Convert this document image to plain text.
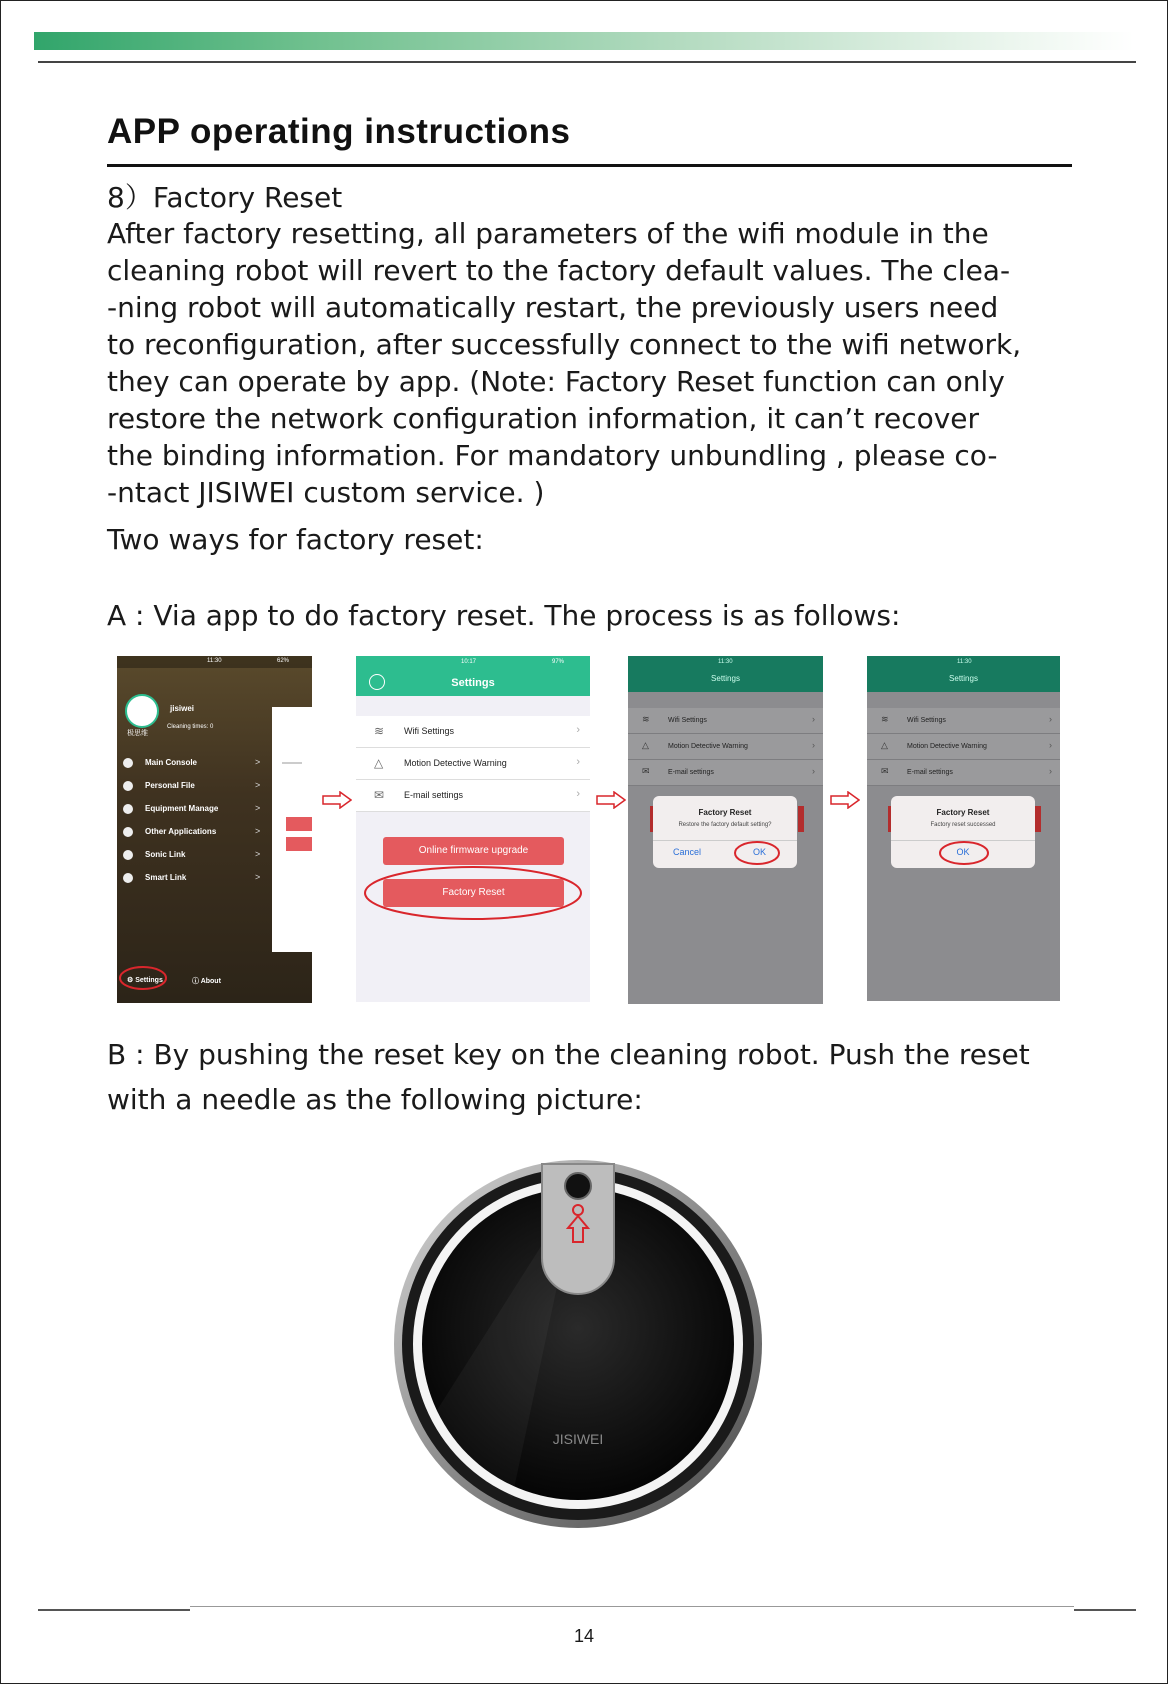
APP operating instructions
8）Factory Reset
After factory resetting, all parameters of the wifi module in the
cleaning robot will revert to the factory default values. The clea-
-ning robot will automatically restart, the previously users need
to reconfiguration, after successfully connect to the wifi network,
they can operate by app. (Note: Factory Reset function can only
restore the network configuration information, it can’t recover
the binding information. For mandatory unbundling , please co-
-ntact JISIWEI custom service. )
Two ways for factory reset:
A : Via app to do factory reset. The process is as follows:
11:30	62%
极思维
jisiwei
Cleaning times: 0
Main Console	>
Personal File	>
Equipment Manage	>
Other Applications	>
Sonic Link	>
Smart Link	>
⚙ Settings	ⓘ About
10:17	97%
Settings
≋ Wifi Settings	›
△ Motion Detective Warning	›
✉ E-mail settings	›
Online firmware upgrade
Factory Reset
11:30
Settings
≋	Wifi Settings	›
△	Motion Detective Warning	›
✉	E-mail settings	›
Factory Reset
Restore the factory default setting?
Cancel	OK
11:30
Settings
≋	Wifi Settings	›
△	Motion Detective Warning	›
✉	E-mail settings	›
Factory Reset
Factory reset successed
OK
B : By pushing the reset key on the cleaning robot. Push the reset
with a needle as the following picture:
JISIWEI
14
